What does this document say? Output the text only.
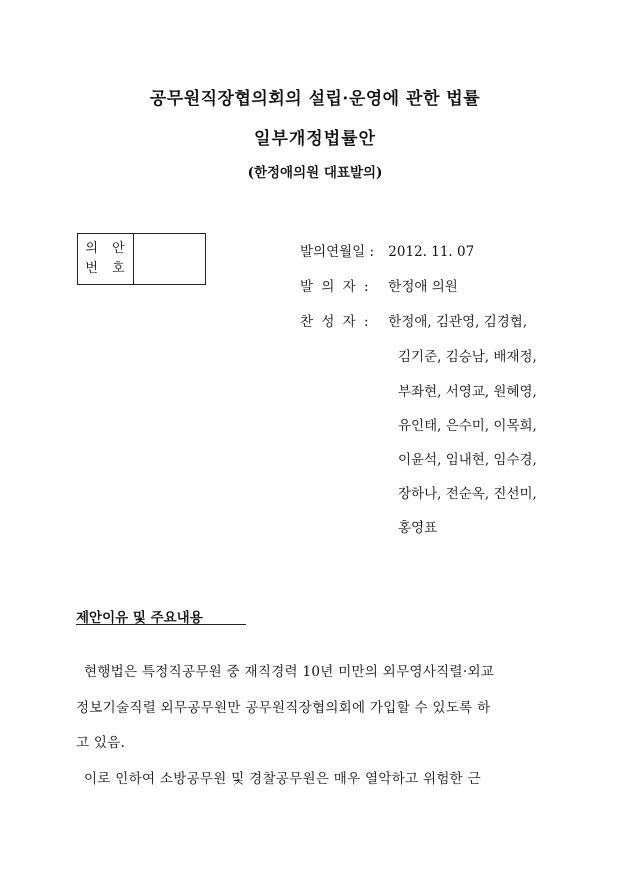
공무원직장협의회의 설립·운영에 관한 법률
일부개정법률안
(한정애의원 대표발의)
의 안
번 호
발의연월일 : 2012. 11. 07
발 의 자 : 한정애 의원
찬 성 자 : 한정애, 김관영, 김경협,
김기준, 김승남, 배재정,
부좌현, 서영교, 원혜영,
유인태, 은수미, 이목희,
이윤석, 임내현, 임수경,
장하나, 전순옥, 진선미,
홍영표
제안이유 및 주요내용
현행법은 특정직공무원 중 재직경력 10년 미만의 외무영사직렬·외교
정보기술직렬 외무공무원만 공무원직장협의회에 가입할 수 있도록 하
고 있음.
이로 인하여 소방공무원 및 경찰공무원은 매우 열악하고 위험한 근
